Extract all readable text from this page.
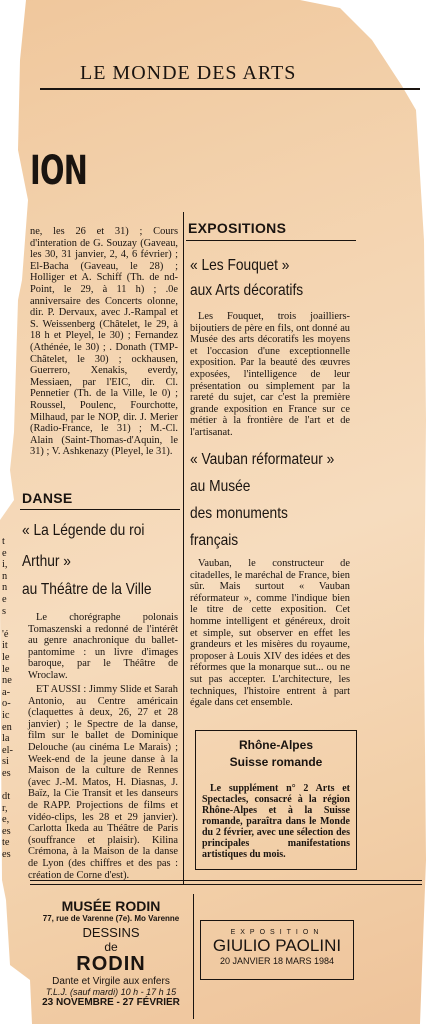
LE MONDE DES ARTS
ION
ne, les 26 et 31) ; Cours d'interation de G. Souzay (Gaveau, les 30, 31 janvier, 2, 4, 6 février) ; El-Bacha (Gaveau, le 28) ; Holliger et A. Schiff (Th. de nd-Point, le 29, à 11 h) ; .0e anniversaire des Concerts olonne, dir. P. Dervaux, avec J.-Rampal et S. Weissenberg (Châtelet, le 29, à 18 h et Pleyel, le 30) ; Fernandez (Athénée, le 30) ; . Donath (TMP-Châtelet, le 30) ; ockhausen, Guerrero, Xenakis, everdy, Messiaen, par l'EIC, dir. Cl. Pennetier (Th. de la Ville, le 0) ; Roussel, Poulenc, Fourchotte, Milhaud, par le NOP, dir. J. Merier (Radio-France, le 31) ; M.-Cl. Alain (Saint-Thomas-d'Aquin, le 31) ; V. Ashkenazy (Pleyel, le 31).
DANSE
« La Légende du roi
Arthur »
au Théâtre de la Ville
t
e
i,
n
n
e
s

'é
it
le
le
ne
a-
o-
ic
en
la
el-
si
es

dt
r,
e,
es
te
es
Le chorégraphe polonais Tomaszenski a redonné de l'intérêt au genre anachronique du ballet-pantomime : un livre d'images baroque, par le Théâtre de Wroclaw.
ET AUSSI : Jimmy Slide et Sarah Antonio, au Centre américain (claquettes à deux, 26, 27 et 28 janvier) ; le Spectre de la danse, film sur le ballet de Dominique Delouche (au cinéma Le Marais) ; Week-end de la jeune danse à la Maison de la culture de Rennes (avec J.-M. Matos, H. Diasnas, J. Baïz, la Cie Transit et les danseurs de RAPP. Projections de films et vidéo-clips, les 28 et 29 janvier). Carlotta Ikeda au Théâtre de Paris (souffrance et plaisir). Kilina Crémona, à la Maison de la danse de Lyon (des chiffres et des pas : création de Corne d'est).
EXPOSITIONS
« Les Fouquet »
aux Arts décoratifs
Les Fouquet, trois joailliers-bijoutiers de père en fils, ont donné au Musée des arts décoratifs les moyens et l'occasion d'une exceptionnelle exposition. Par la beauté des œuvres exposées, l'intelligence de leur présentation ou simplement par la rareté du sujet, car c'est la première grande exposition en France sur ce métier à la frontière de l'art et de l'artisanat.
« Vauban réformateur »
au Musée
des monuments
français
Vauban, le constructeur de citadelles, le maréchal de France, bien sûr. Mais surtout « Vauban réformateur », comme l'indique bien le titre de cette exposition. Cet homme intelligent et généreux, droit et simple, sut observer en effet les grandeurs et les misères du royaume, proposer à Louis XIV des idées et des réformes que la monarque sut... ou ne sut pas accepter. L'architecture, les techniques, l'histoire entrent à part égale dans cet ensemble.
Rhône-Alpes
Suisse romande
Le supplément n° 2 Arts et Spectacles, consacré à la région Rhône-Alpes et à la Suisse romande, paraîtra dans le Monde du 2 février, avec une sélection des principales manifestations artistiques du mois.
MUSÉE RODIN
77, rue de Varenne (7e). Mo Varenne
DESSINS
de
RODIN
Dante et Virgile aux enfers
T.L.J. (sauf mardi) 10 h - 17 h 15
23 NOVEMBRE - 27 FÉVRIER
EXPOSITION
GIULIO PAOLINI
20 JANVIER 18 MARS 1984
